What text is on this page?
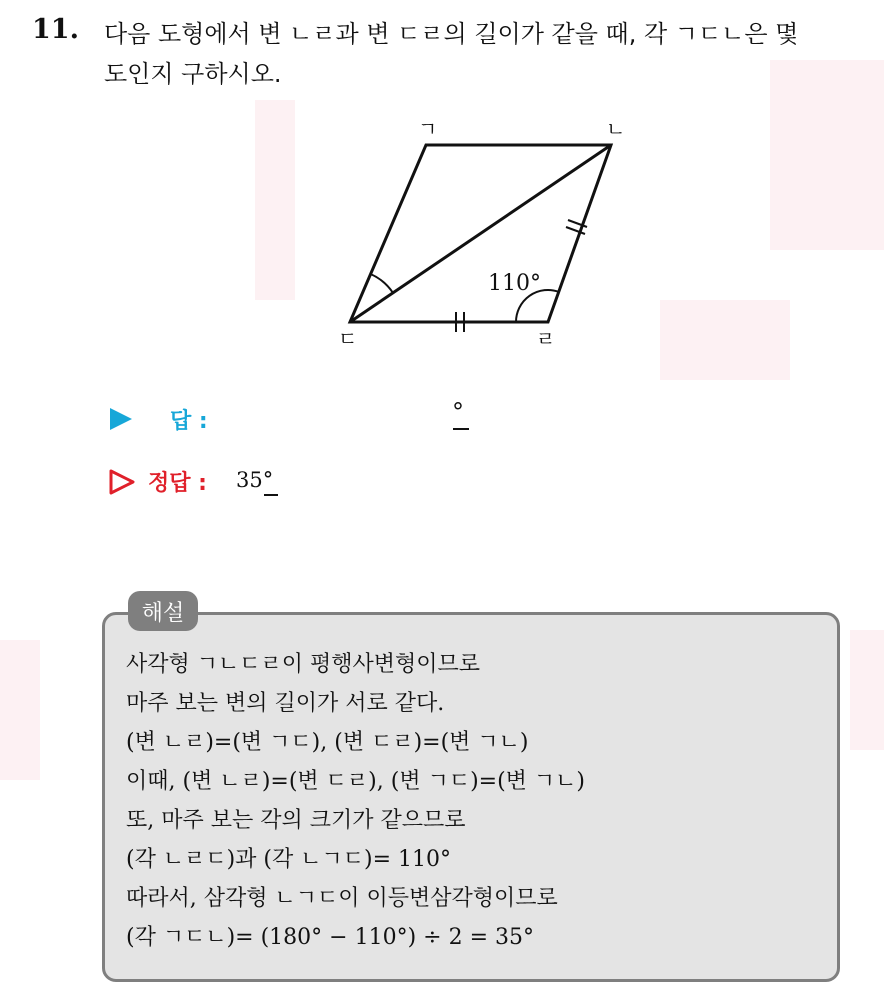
11. 다음 도형에서 변 ㄴㄹ과 변 ㄷㄹ의 길이가 같을 때, 각 ㄱㄷㄴ은 몇
도인지 구하시오.
110°
ㄱ	ㄴ
ㄷ	ㄹ
답 :	°
정답 : 35°
해설
사각형 ㄱㄴㄷㄹ이 평행사변형이므로
마주 보는 변의 길이가 서로 같다.
(변 ㄴㄹ)=(변 ㄱㄷ), (변 ㄷㄹ)=(변 ㄱㄴ)
이때, (변 ㄴㄹ)=(변 ㄷㄹ), (변 ㄱㄷ)=(변 ㄱㄴ)
또, 마주 보는 각의 크기가 같으므로
(각 ㄴㄹㄷ)과 (각 ㄴㄱㄷ)= 110°
따라서, 삼각형 ㄴㄱㄷ이 이등변삼각형이므로
(각 ㄱㄷㄴ)= (180° − 110°) ÷ 2 = 35°
